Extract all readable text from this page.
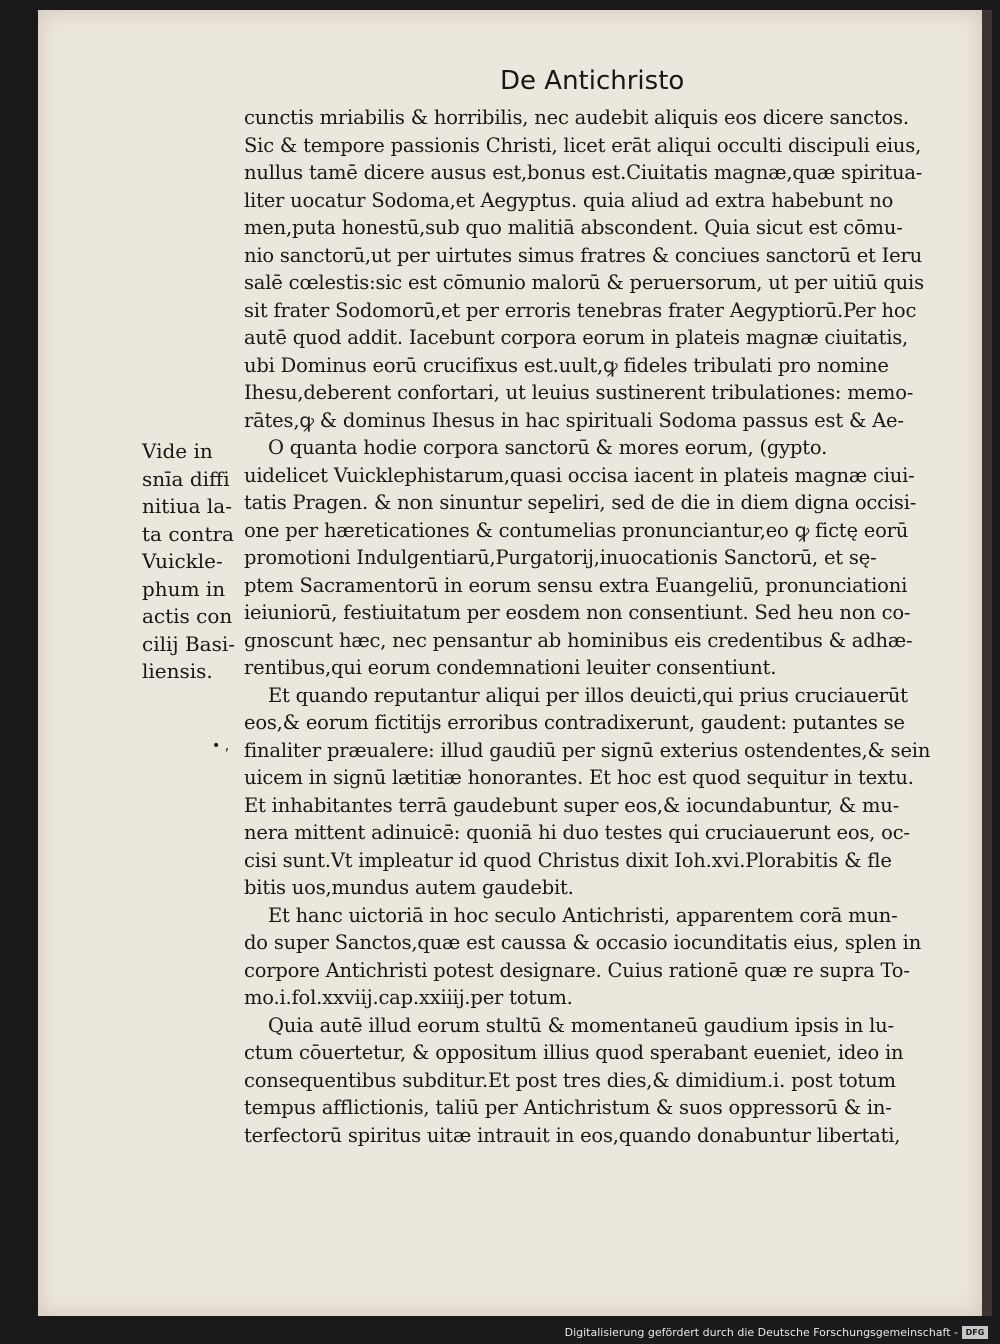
De Antichristo
cunctis mriabilis & horribilis, nec audebit aliquis eos dicere sanctos.
Sic & tempore passionis Christi, licet erāt aliqui occulti discipuli eius,
nullus tamē dicere ausus est,bonus est.Ciuitatis magnæ,quæ spiritua-
liter uocatur Sodoma,et Aegyptus. quia aliud ad extra habebunt no
men,puta honestū,sub quo malitiā abscondent. Quia sicut est cōmu-
nio sanctorū,ut per uirtutes simus fratres & conciues sanctorū et Ieru
salē cœlestis:sic est cōmunio malorū & peruersorum, ut per uitiū quis
sit frater Sodomorū,et per erroris tenebras frater Aegyptiorū.Per hoc
autē quod addit. Iacebunt corpora eorum in plateis magnæ ciuitatis,
ubi Dominus eorū crucifixus est.uult,ꝙ fideles tribulati pro nomine
Ihesu,deberent confortari, ut leuius sustinerent tribulationes: memo-
rātes,ꝙ & dominus Ihesus in hac spirituali Sodoma passus est & Ae-
O quanta hodie corpora sanctorū & mores eorum, (gypto.
uidelicet Vuicklephistarum,quasi occisa iacent in plateis magnæ ciui-
tatis Pragen. & non sinuntur sepeliri, sed de die in diem digna occisi-
one per hæreticationes & contumelias pronunciantur,eo ꝙ fictę eorū
promotioni Indulgentiarū,Purgatorij,inuocationis Sanctorū, et sę-
ptem Sacramentorū in eorum sensu extra Euangeliū, pronunciationi
ieiuniorū, festiuitatum per eosdem non consentiunt. Sed heu non co-
gnoscunt hæc, nec pensantur ab hominibus eis credentibus & adhæ-
rentibus,qui eorum condemnationi leuiter consentiunt.
Et quando reputantur aliqui per illos deuicti,qui prius cruciauerūt
eos,& eorum fictitijs erroribus contradixerunt, gaudent: putantes se
finaliter præualere: illud gaudiū per signū exterius ostendentes,& sein
uicem in signū lætitiæ honorantes. Et hoc est quod sequitur in textu.
Et inhabitantes terrā gaudebunt super eos,& iocundabuntur, & mu-
nera mittent adinuicē: quoniā hi duo testes qui cruciauerunt eos, oc-
cisi sunt.Vt impleatur id quod Christus dixit Ioh.xvi.Plorabitis & fle
bitis uos,mundus autem gaudebit.
Et hanc uictoriā in hoc seculo Antichristi, apparentem corā mun-
do super Sanctos,quæ est caussa & occasio iocunditatis eius, splen in
corpore Antichristi potest designare. Cuius rationē quæ re supra To-
mo.i.fol.xxviij.cap.xxiiij.per totum.
Quia autē illud eorum stultū & momentaneū gaudium ipsis in lu-
ctum cōuertetur, & oppositum illius quod sperabant eueniet, ideo in
consequentibus subditur.Et post tres dies,& dimidium.i. post totum
tempus afflictionis, taliū per Antichristum & suos oppressorū & in-
terfectorū spiritus uitæ intrauit in eos,quando donabuntur libertati,
Vide in
snīa diffi
nitiua la-
ta contra
Vuickle-
phum in
actis con
cilij Basi-
liensis.
• ,
Digitalisierung gefördert durch die Deutsche Forschungsgemeinschaft - DFG
